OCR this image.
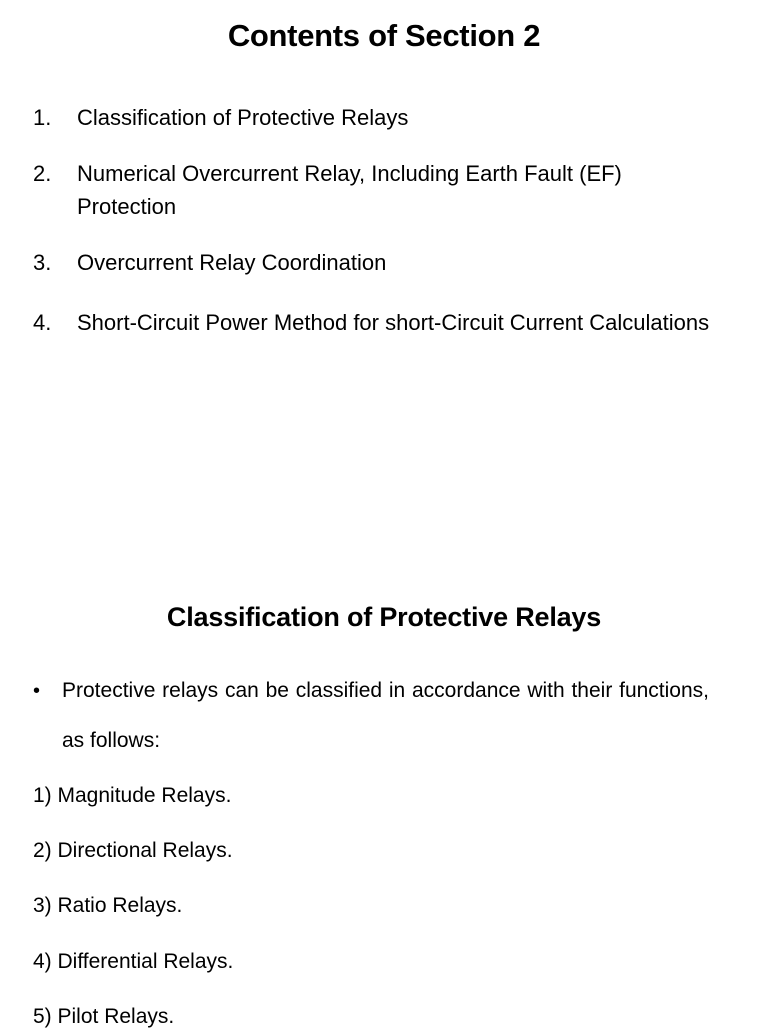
Contents of Section 2
1. Classification of Protective Relays
2. Numerical Overcurrent Relay, Including Earth Fault (EF) Protection
3. Overcurrent Relay Coordination
4. Short-Circuit Power Method for short-Circuit Current Calculations
Classification of Protective Relays
• Protective relays can be classified in accordance with their functions, as follows:
1) Magnitude Relays.
2) Directional Relays.
3) Ratio Relays.
4) Differential Relays.
5) Pilot Relays.
